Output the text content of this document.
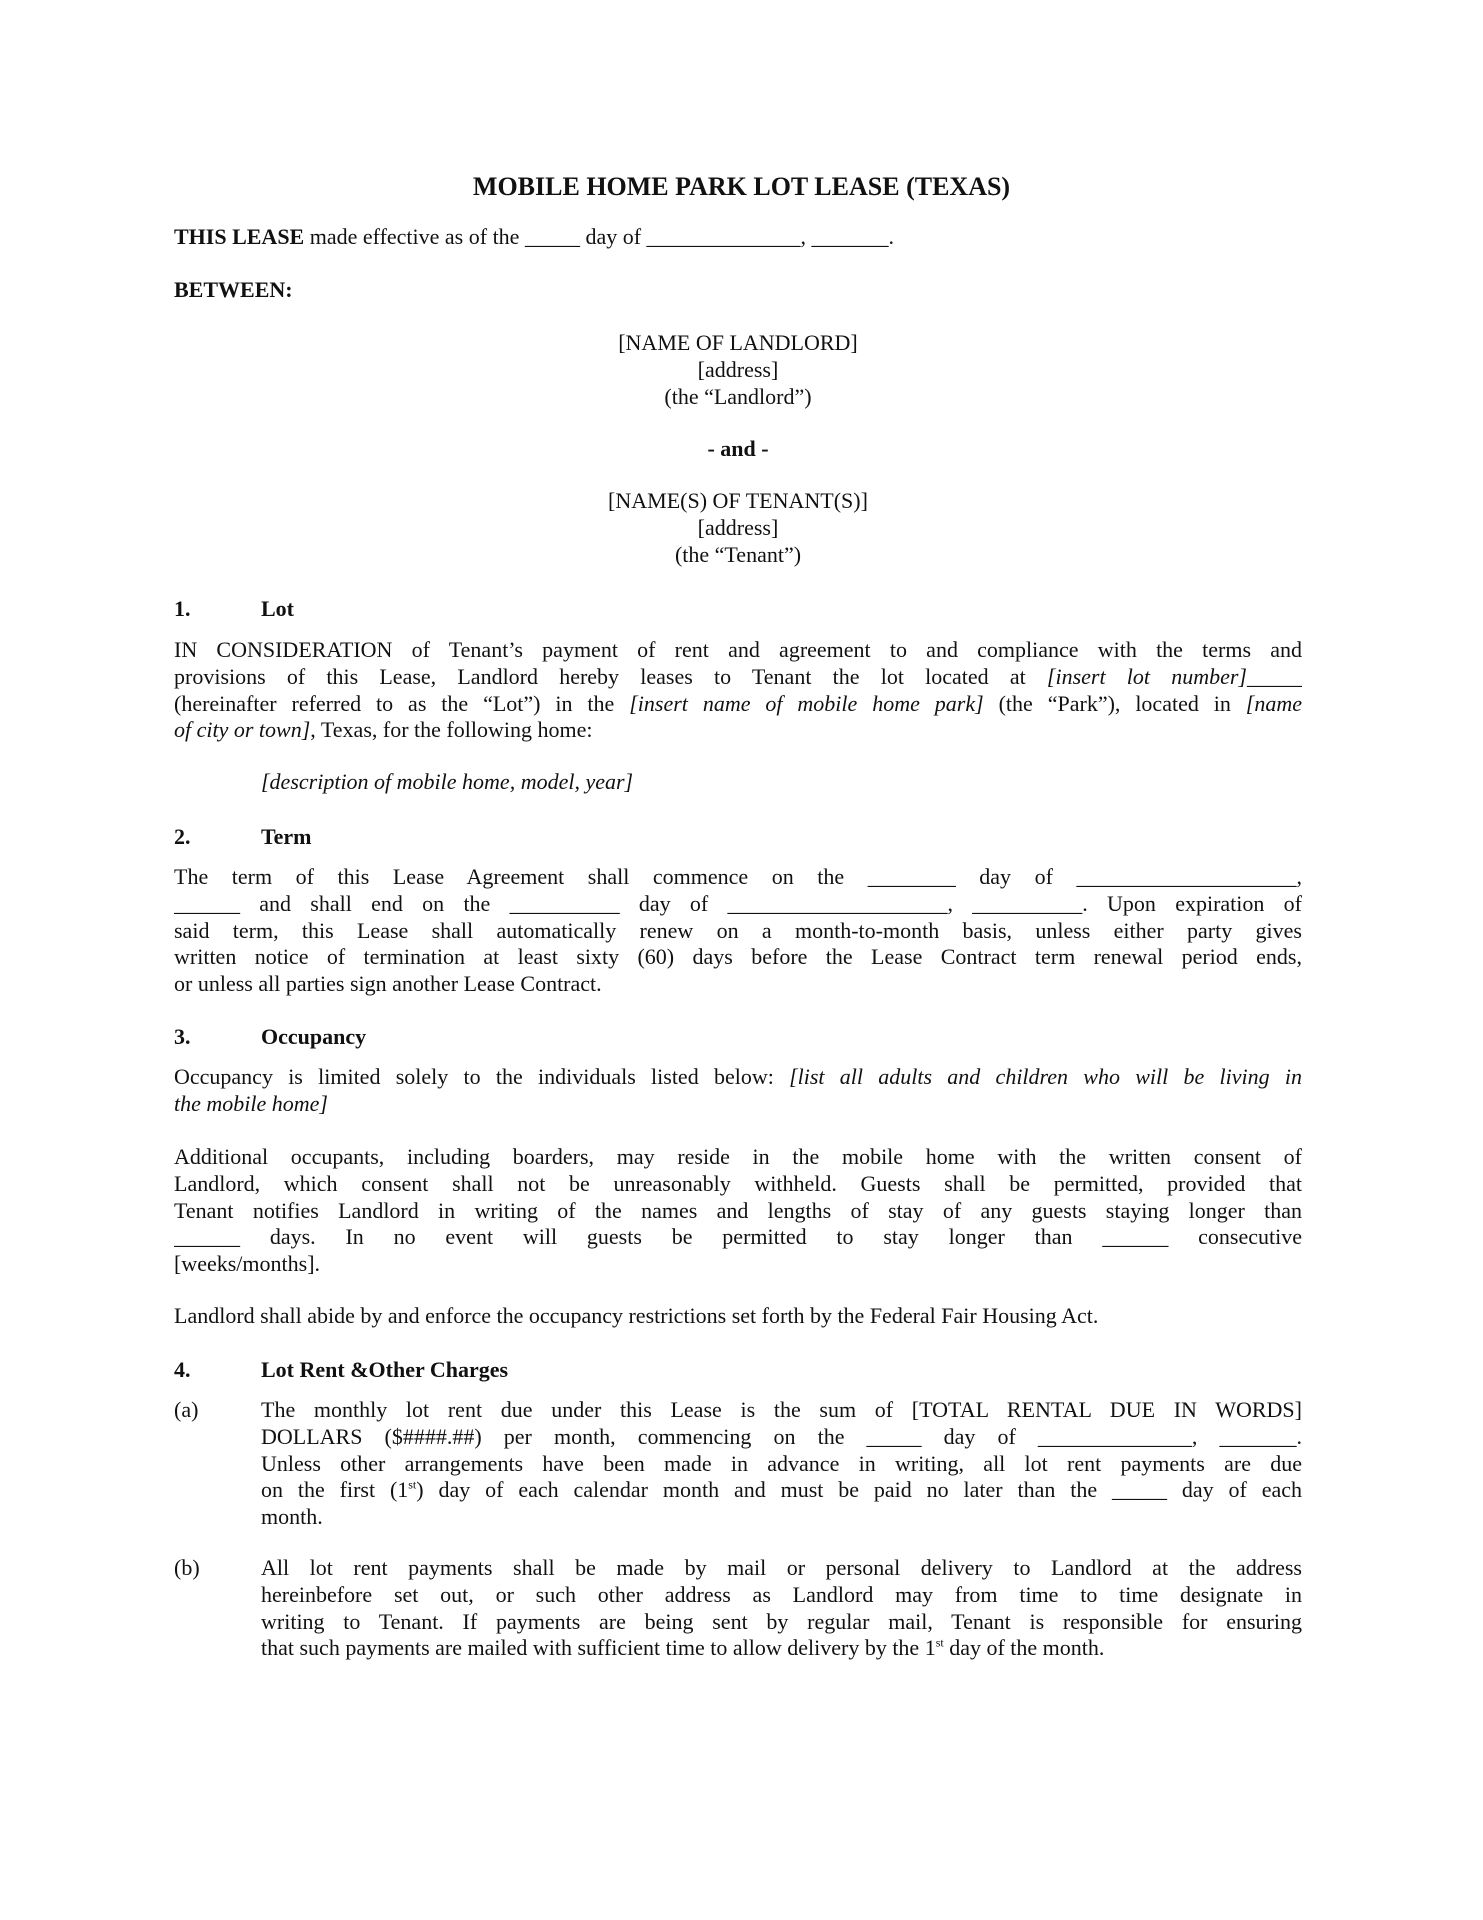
MOBILE HOME PARK LOT LEASE (TEXAS)
THIS LEASE made effective as of the _____ day of ______________, _______.
BETWEEN:
[NAME OF LANDLORD]
[address]
(the “Landlord”)
- and -
[NAME(S) OF TENANT(S)]
[address]
(the “Tenant”)
1.	Lot

IN CONSIDERATION of Tenant’s payment of rent and agreement to and compliance with the terms and
provisions of this Lease, Landlord hereby leases to Tenant the lot located at [insert lot number]_____
(hereinafter referred to as the “Lot”) in the [insert name of mobile home park] (the “Park”), located in [name
of city or town], Texas, for the following home:
[description of mobile home, model, year]
2.	Term

The term of this Lease Agreement shall commence on the ________ day of ____________________,
______ and shall end on the __________ day of ____________________, __________. Upon expiration of
said term, this Lease shall automatically renew on a month-to-month basis, unless either party gives
written notice of termination at least sixty (60) days before the Lease Contract term renewal period ends,
or unless all parties sign another Lease Contract.
3.	Occupancy

Occupancy is limited solely to the individuals listed below: [list all adults and children who will be living in
the mobile home]
Additional occupants, including boarders, may reside in the mobile home with the written consent of
Landlord, which consent shall not be unreasonably withheld. Guests shall be permitted, provided that
Tenant notifies Landlord in writing of the names and lengths of stay of any guests staying longer than
______ days. In no event will guests be permitted to stay longer than ______ consecutive
[weeks/months].
Landlord shall abide by and enforce the occupancy restrictions set forth by the Federal Fair Housing Act.
4.	Lot Rent &Other Charges

(a)	The monthly lot rent due under this Lease is the sum of [TOTAL RENTAL DUE IN WORDS]
DOLLARS ($####.##) per month, commencing on the _____ day of ______________, _______.
Unless other arrangements have been made in advance in writing, all lot rent payments are due
on the first (1st) day of each calendar month and must be paid no later than the _____ day of each
month.
(b)	All lot rent payments shall be made by mail or personal delivery to Landlord at the address
hereinbefore set out, or such other address as Landlord may from time to time designate in
writing to Tenant. If payments are being sent by regular mail, Tenant is responsible for ensuring
that such payments are mailed with sufficient time to allow delivery by the 1st day of the month.
